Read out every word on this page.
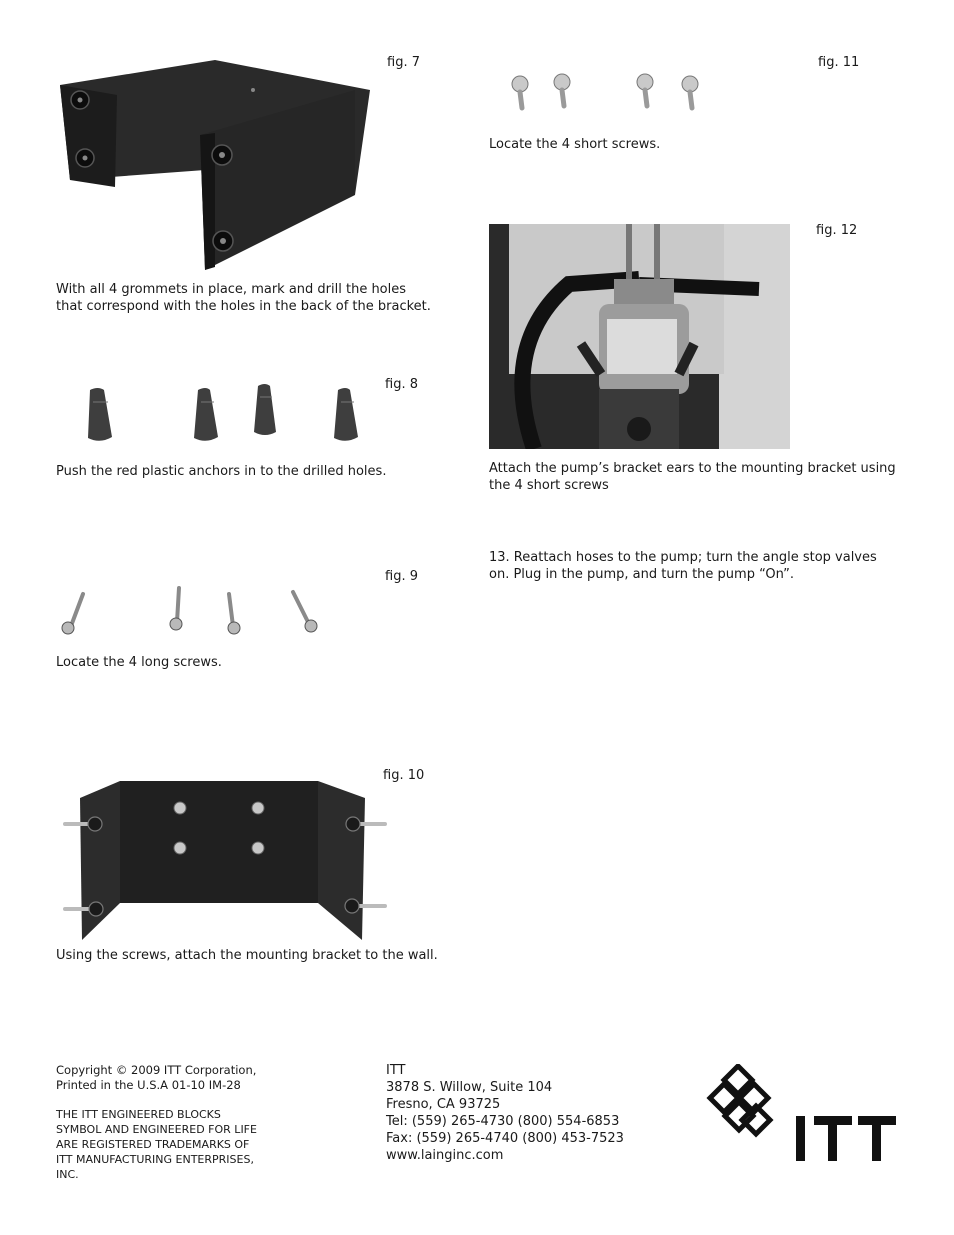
fig. 7
With all 4 grommets in place, mark and drill the holes that correspond with the holes in the back of the bracket.
fig. 8
Push the red plastic anchors in to the drilled holes.
fig. 9
Locate the 4 long screws.
fig. 10
Using the screws, attach the mounting bracket to the wall.
fig. 11
Locate the 4 short screws.
fig. 12
Attach the pump’s bracket ears to the mounting bracket using the 4 short screws
13. Reattach hoses to the pump; turn the angle stop valves on. Plug in the pump, and turn the pump “On”.
Copyright © 2009 ITT Corporation,
Printed in the U.S.A 01-10 IM-28
THE ITT ENGINEERED BLOCKS
SYMBOL AND ENGINEERED FOR LIFE
ARE REGISTERED TRADEMARKS OF
ITT MANUFACTURING ENTERPRISES,
INC.
ITT
3878 S. Willow, Suite 104
Fresno, CA 93725
Tel: (559) 265-4730 (800) 554-6853
Fax: (559) 265-4740 (800) 453-7523
www.lainginc.com
